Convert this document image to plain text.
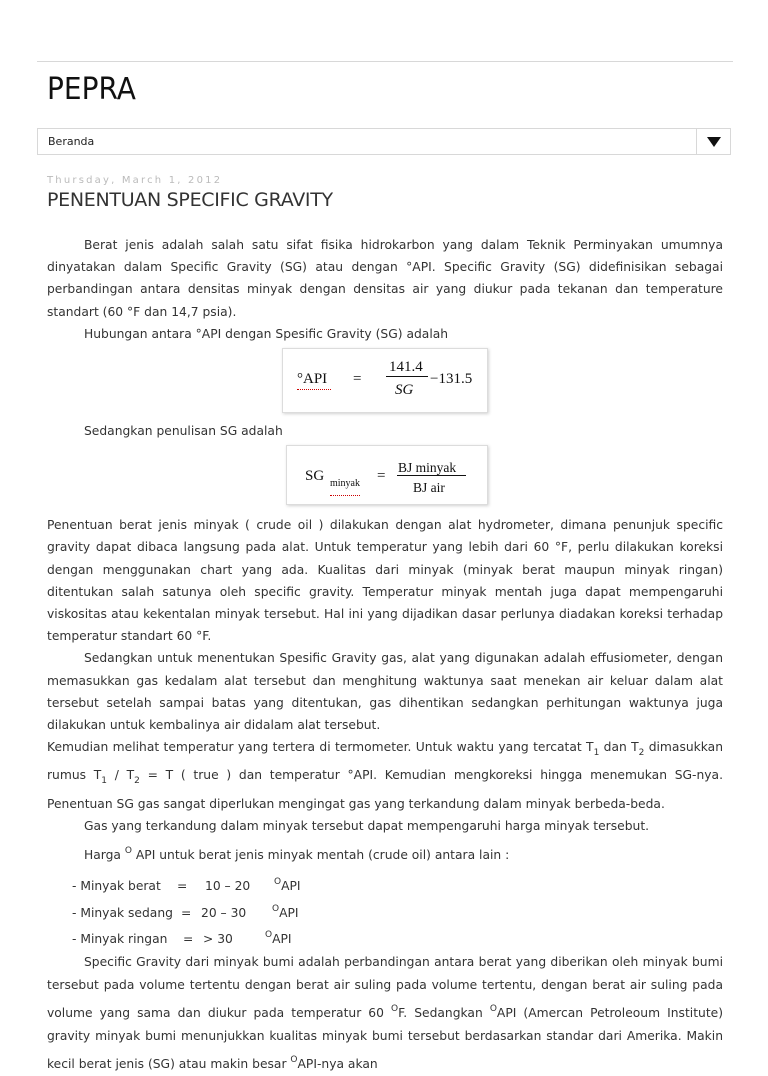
PEPRA
Beranda
Thursday, March 1, 2012
PENENTUAN SPECIFIC GRAVITY

Berat jenis adalah salah satu sifat fisika hidrokarbon yang dalam Teknik Perminyakan umumnya dinyatakan dalam Specific Gravity (SG) atau dengan °API. Specific Gravity (SG) didefinisikan sebagai perbandingan antara densitas minyak dengan densitas air yang diukur pada tekanan dan temperature standart (60 °F dan 14,7 psia).

Hubungan antara °API dengan Spesific Gravity (SG) adalah

°API =
141.4
SG
−131.5

Sedangkan penulisan SG adalah

SG minyak =
BJ minyak
BJ air

Penentuan berat jenis minyak ( crude oil ) dilakukan dengan alat hydrometer, dimana penunjuk specific gravity dapat dibaca langsung pada alat. Untuk temperatur yang lebih dari 60 °F, perlu dilakukan koreksi dengan menggunakan chart yang ada. Kualitas dari minyak (minyak berat maupun minyak ringan) ditentukan salah satunya oleh specific gravity. Temperatur minyak mentah juga dapat mempengaruhi viskositas atau kekentalan minyak tersebut. Hal ini yang dijadikan dasar perlunya diadakan koreksi terhadap temperatur standart 60 °F.

Sedangkan untuk menentukan Spesific Gravity gas, alat yang digunakan adalah effusiometer, dengan memasukkan gas kedalam alat tersebut dan menghitung waktunya saat menekan air keluar dalam alat tersebut setelah sampai batas yang ditentukan, gas dihentikan sedangkan perhitungan waktunya juga dilakukan untuk kembalinya air didalam alat tersebut.

Kemudian melihat temperatur yang tertera di termometer. Untuk waktu yang tercatat $T_1$ dan $T_2$ dimasukkan rumus $T_1 / T_2 = T$ ( true ) dan temperatur °API. Kemudian mengkoreksi hingga menemukan SG-nya. Penentuan SG gas sangat diperlukan mengingat gas yang terkandung dalam minyak berbeda-beda.

Gas yang terkandung dalam minyak tersebut dapat mempengaruhi harga minyak tersebut.

Harga $^O$ API untuk berat jenis minyak mentah (crude oil) antara lain :

- Minyak berat	=	10 – 20	$^O$API
- Minyak sedang = 20 – 30	$^O$API
- Minyak ringan	= > 30	$^O$API

Specific Gravity dari minyak bumi adalah perbandingan antara berat yang diberikan oleh minyak bumi tersebut pada volume tertentu dengan berat air suling pada volume tertentu, dengan berat air suling pada volume yang sama dan diukur pada temperatur 60 $^O$F. Sedangkan $^O$API (Amercan Petroleoum Institute) gravity minyak bumi menunjukkan kualitas minyak bumi tersebut berdasarkan standar dari Amerika. Makin kecil berat jenis (SG) atau makin besar $^O$API-nya akan
